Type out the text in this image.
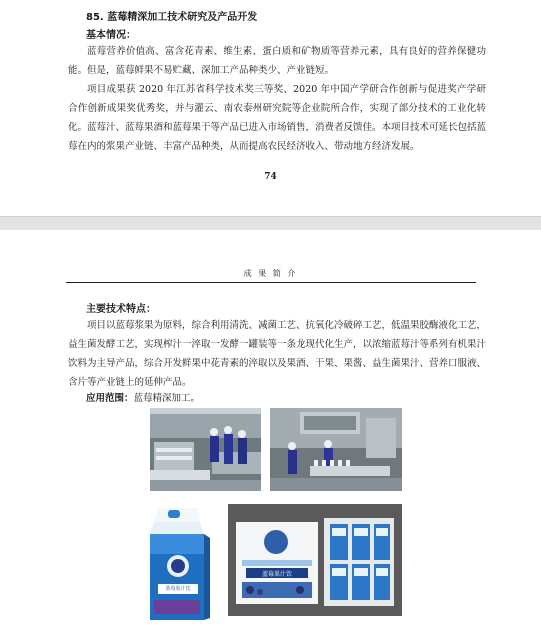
85. 蓝莓精深加工技术研究及产品开发
基本情况：
蓝莓营养价值高、富含花青素、维生素、蛋白质和矿物质等营养元素，具有良好的营养保健功能。但是，蓝莓鲜果不易贮藏、深加工产品种类少、产业链短。
项目成果获 2020 年江苏省科学技术奖三等奖、2020 年中国产学研合作创新与促进奖产学研合作创新成果奖优秀奖，并与灌云、南农泰州研究院等企业院所合作，实现了部分技术的工业化转化。蓝莓汁、蓝莓果酒和蓝莓果干等产品已进入市场销售，消费者反馈佳。本项目技术可延长包括蓝莓在内的浆果产业链、丰富产品种类，从而提高农民经济收入、带动地方经济发展。
74
成 果 简 介
主要技术特点：
项目以蓝莓浆果为原料，综合利用清洗、减菌工艺、抗氧化冷破碎工艺，低温果胶酶液化工艺，益生菌发酵工艺，实现榨汁一淬取一发酵一罐装等一条龙现代化生产，以浓缩蓝莓汁等系列有机果汁饮料为主导产品，综合开发鲜果中花青素的淬取以及果酒、干果、果酱、益生菌果汁、营养口服液、含片等产业链上的延伸产品。
应用范围：蓝莓精深加工。
蓝莓果汁饮
蓝莓果汁饮
